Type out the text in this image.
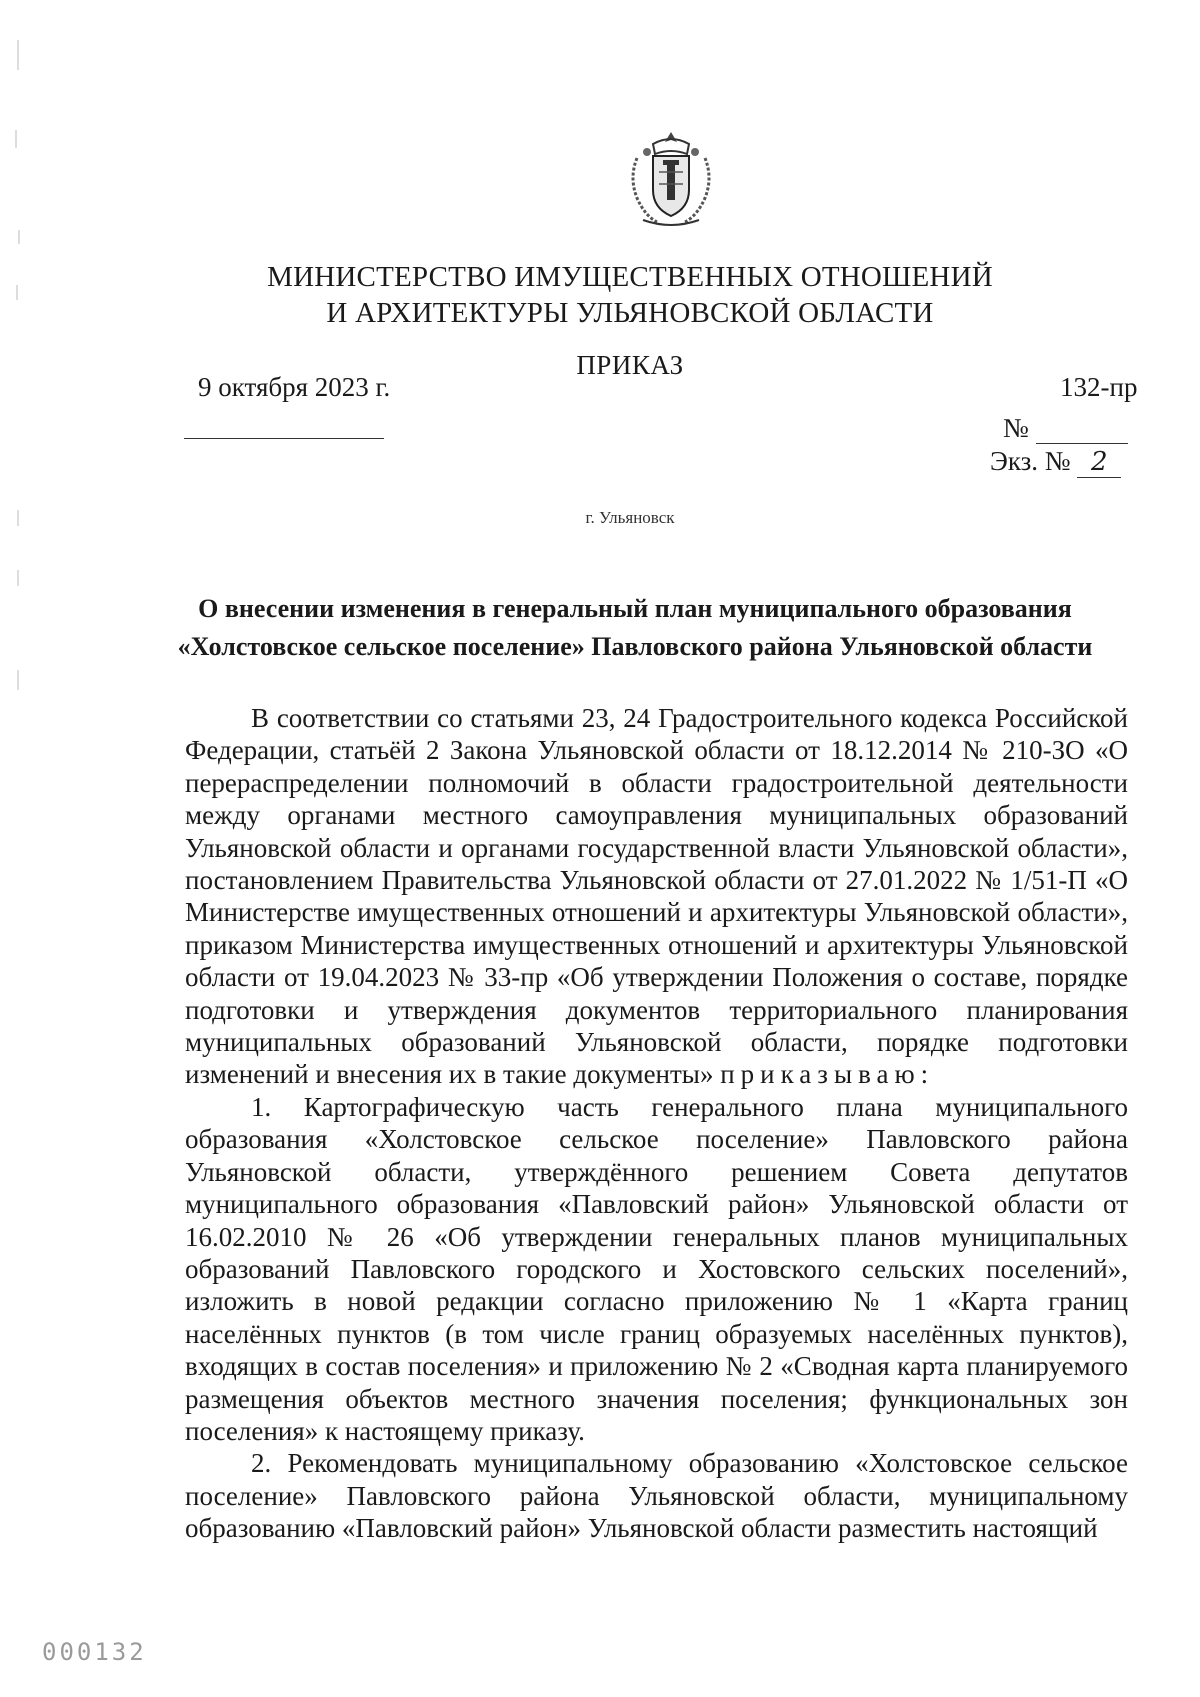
МИНИСТЕРСТВО ИМУЩЕСТВЕННЫХ ОТНОШЕНИЙ
И АРХИТЕКТУРЫ УЛЬЯНОВСКОЙ ОБЛАСТИ
ПРИКАЗ
9 октября 2023 г.	132-пр
№
Экз. № 2
г. Ульяновск
О внесении изменения в генеральный план муниципального образования
«Холстовское сельское поселение» Павловского района Ульяновской области

В соответствии со статьями 23, 24 Градостроительного кодекса Российской Федерации, статьёй 2 Закона Ульяновской области от 18.12.2014 № 210-ЗО «О перераспределении полномочий в области градостроительной деятельности между органами местного самоуправления муниципальных образований Ульяновской области и органами государственной власти Ульяновской области», постановлением Правительства Ульяновской области от 27.01.2022 № 1/51-П «О Министерстве имущественных отношений и архитектуры Ульяновской области», приказом Министерства имущественных отношений и архитектуры Ульяновской области от 19.04.2023 № 33-пр «Об утверждении Положения о составе, порядке подготовки и утверждения документов территориального планирования муниципальных образований Ульяновской области, порядке подготовки изменений и внесения их в такие документы» приказываю:

1. Картографическую часть генерального плана муниципального образования «Холстовское сельское поселение» Павловского района Ульяновской области, утверждённого решением Совета депутатов муниципального образования «Павловский район» Ульяновской области от 16.02.2010 № 26 «Об утверждении генеральных планов муниципальных образований Павловского городского и Хостовского сельских поселений», изложить в новой редакции согласно приложению № 1 «Карта границ населённых пунктов (в том числе границ образуемых населённых пунктов), входящих в состав поселения» и приложению № 2 «Сводная карта планируемого размещения объектов местного значения поселения; функциональных зон поселения» к настоящему приказу.

2. Рекомендовать муниципальному образованию «Холстовское сельское поселение» Павловского района Ульяновской области, муниципальному образованию «Павловский район» Ульяновской области разместить настоящий

000132
